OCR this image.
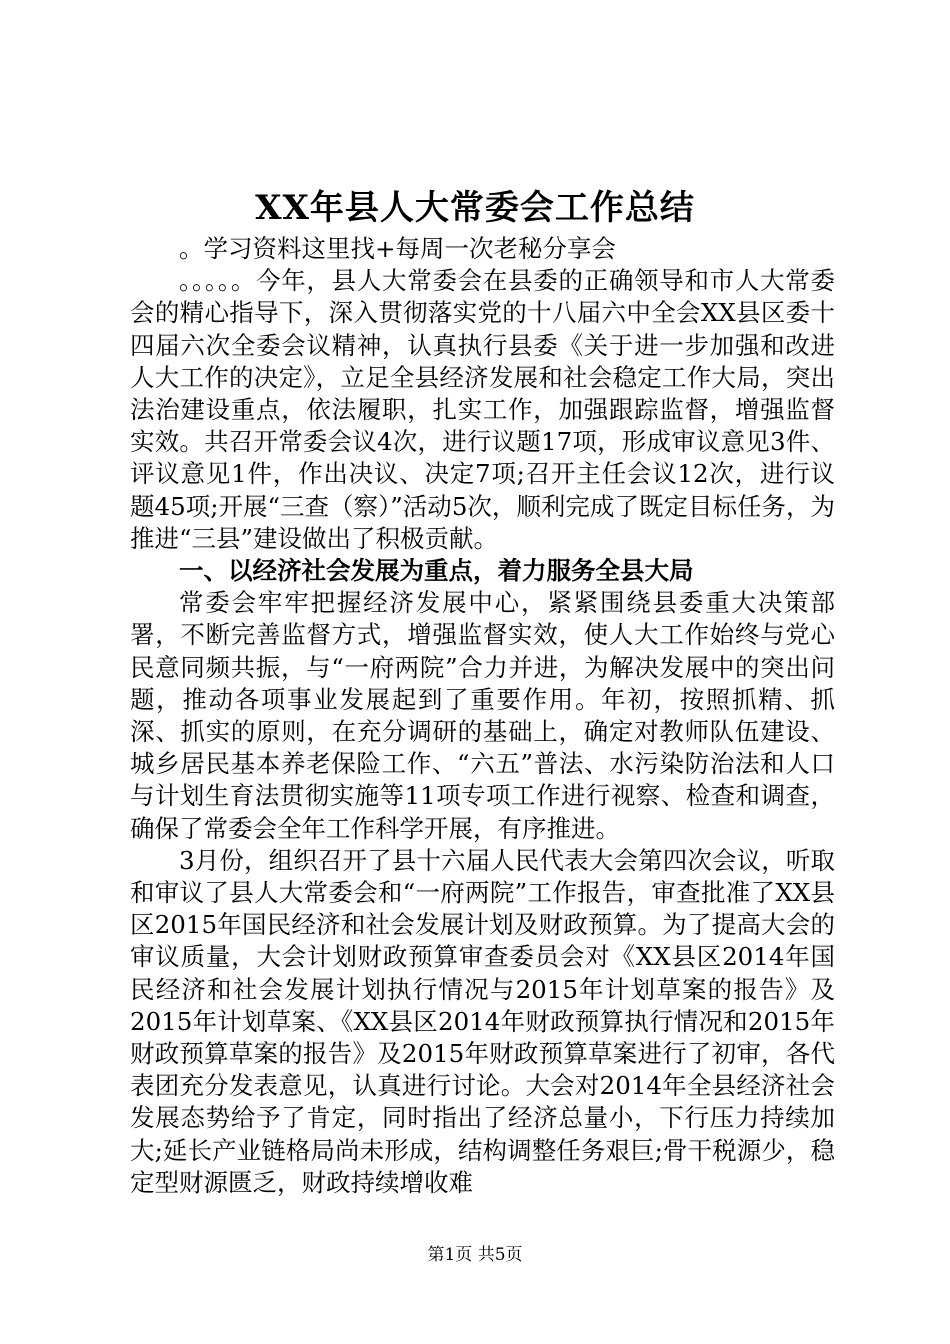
XX年县人大常委会工作总结

。学习资料这里找+每周一次老秘分享会

。。。。。今年，县人大常委会在县委的正确领导和市人大常委会的精心指导下，深入贯彻落实党的十八届六中全会XX县区委十四届六次全委会议精神，认真执行县委《关于进一步加强和改进人大工作的决定》，立足全县经济发展和社会稳定工作大局，突出法治建设重点，依法履职，扎实工作，加强跟踪监督，增强监督实效。共召开常委会议4次，进行议题17项，形成审议意见3件、评议意见1件，作出决议、决定7项;召开主任会议12次，进行议题45项;开展“三查（察）”活动5次，顺利完成了既定目标任务，为推进“三县”建设做出了积极贡献。

一、以经济社会发展为重点，着力服务全县大局

常委会牢牢把握经济发展中心，紧紧围绕县委重大决策部署，不断完善监督方式，增强监督实效，使人大工作始终与党心民意同频共振，与“一府两院”合力并进，为解决发展中的突出问题，推动各项事业发展起到了重要作用。年初，按照抓精、抓深、抓实的原则，在充分调研的基础上，确定对教师队伍建设、城乡居民基本养老保险工作、“六五”普法、水污染防治法和人口与计划生育法贯彻实施等11项专项工作进行视察、检查和调查，确保了常委会全年工作科学开展，有序推进。

3月份，组织召开了县十六届人民代表大会第四次会议，听取和审议了县人大常委会和“一府两院”工作报告，审查批准了XX县区2015年国民经济和社会发展计划及财政预算。为了提高大会的审议质量，大会计划财政预算审查委员会对《XX县区2014年国民经济和社会发展计划执行情况与2015年计划草案的报告》及2015年计划草案、《XX县区2014年财政预算执行情况和2015年财政预算草案的报告》及2015年财政预算草案进行了初审，各代表团充分发表意见，认真进行讨论。大会对2014年全县经济社会发展态势给予了肯定，同时指出了经济总量小，下行压力持续加大;延长产业链格局尚未形成，结构调整任务艰巨;骨干税源少，稳定型财源匮乏，财政持续增收难

第1页 共5页
